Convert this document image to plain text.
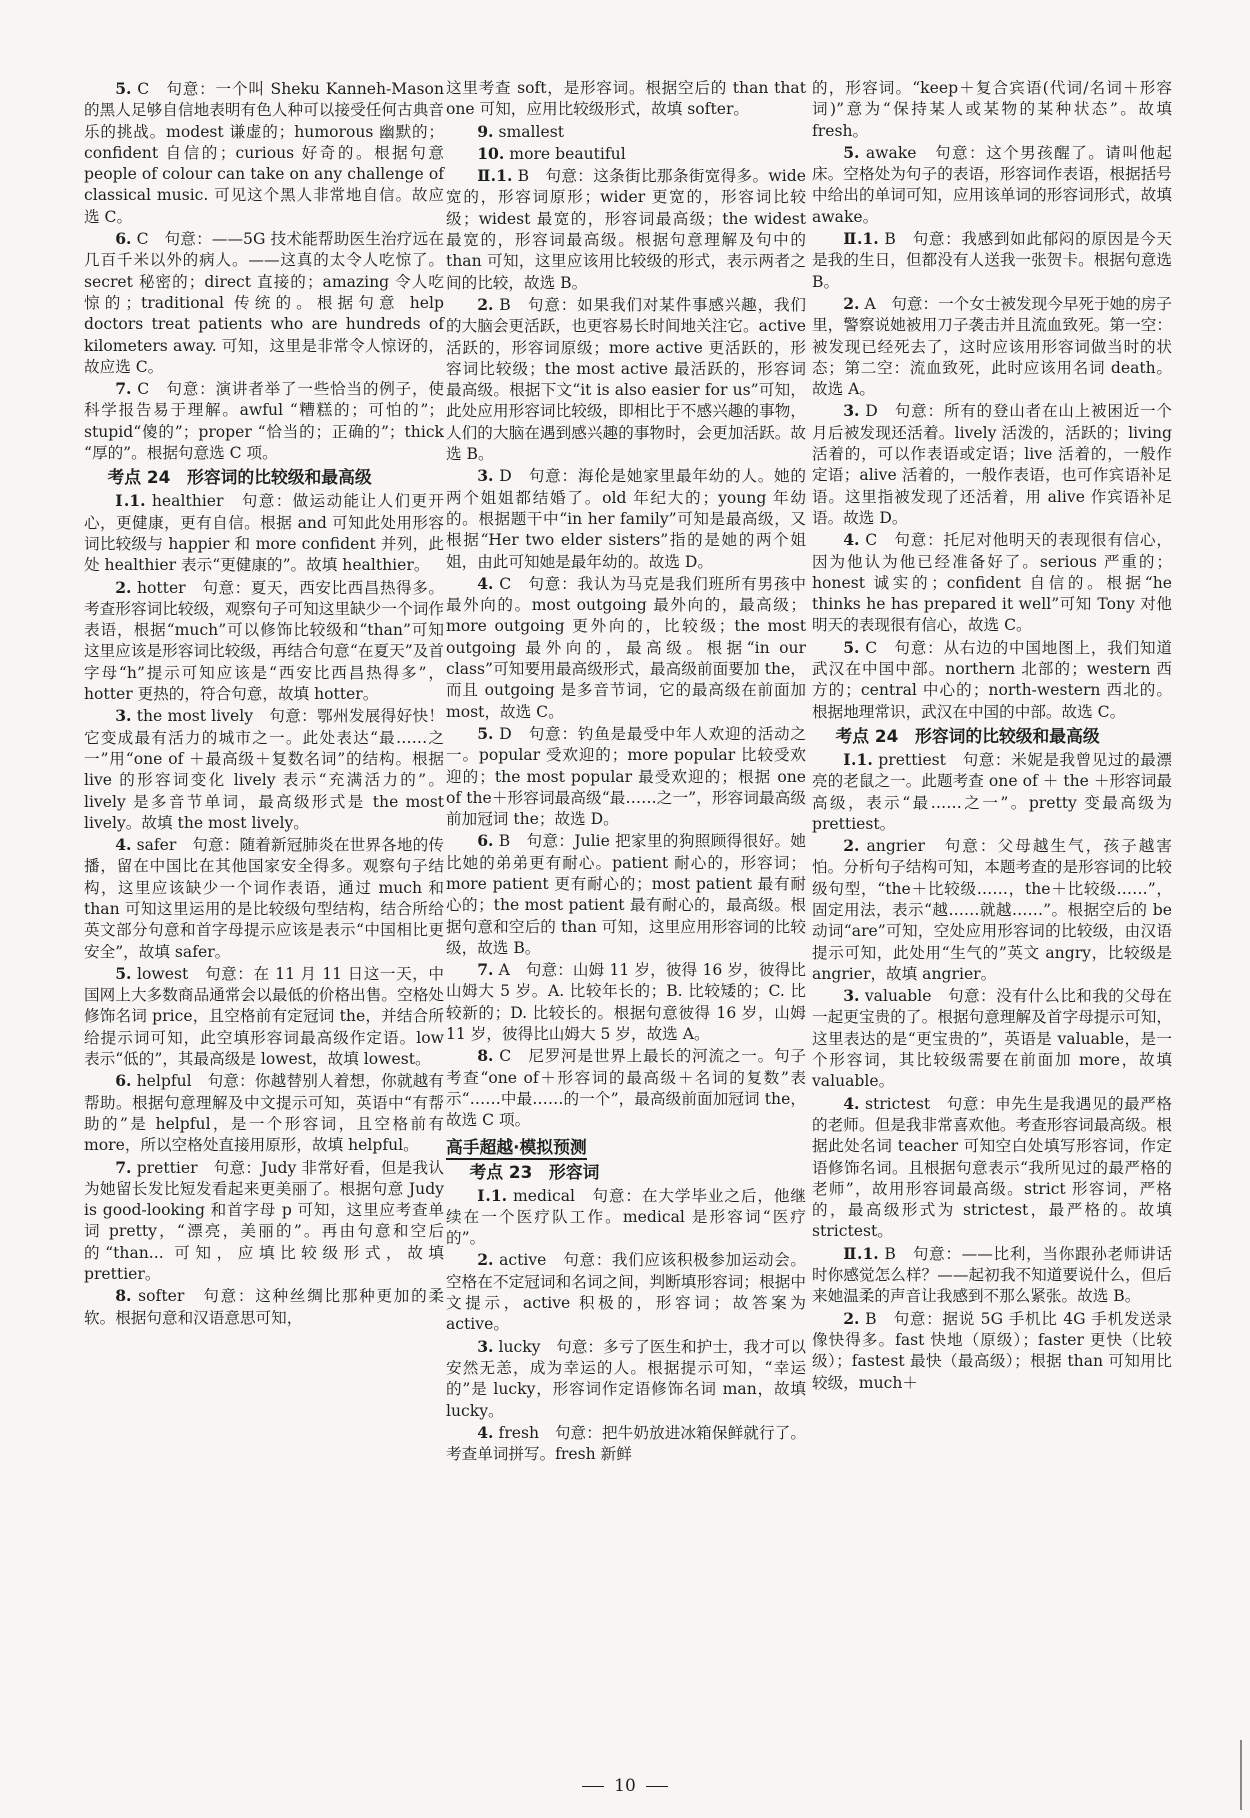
5. C　句意：一个叫 Sheku Kanneh-Mason 的黑人足够自信地表明有色人种可以接受任何古典音乐的挑战。modest 谦虚的；humorous 幽默的；confident 自信的；curious 好奇的。根据句意 people of colour can take on any challenge of classical music. 可见这个黑人非常地自信。故应选 C。

6. C　句意：——5G 技术能帮助医生治疗远在几百千米以外的病人。——这真的太令人吃惊了。secret 秘密的；direct 直接的；amazing 令人吃惊的；traditional 传统的。根据句意 help doctors treat patients who are hundreds of kilometers away. 可知，这里是非常令人惊讶的，故应选 C。

7. C　句意：演讲者举了一些恰当的例子，使科学报告易于理解。awful “糟糕的；可怕的”；stupid“傻的”；proper “恰当的；正确的”；thick “厚的”。根据句意选 C 项。

考点 24　形容词的比较级和最高级

Ⅰ.1. healthier　句意：做运动能让人们更开心，更健康，更有自信。根据 and 可知此处用形容词比较级与 happier 和 more confident 并列，此处 healthier 表示“更健康的”。故填 healthier。

2. hotter　句意：夏天，西安比西昌热得多。考查形容词比较级，观察句子可知这里缺少一个词作表语，根据“much”可以修饰比较级和“than”可知这里应该是形容词比较级，再结合句意“在夏天”及首字母“h”提示可知应该是“西安比西昌热得多”，hotter 更热的，符合句意，故填 hotter。

3. the most lively　句意：鄂州发展得好快！它变成最有活力的城市之一。此处表达“最……之一”用“one of ＋最高级＋复数名词”的结构。根据 live 的形容词变化 lively 表示“充满活力的”。lively 是多音节单词，最高级形式是 the most lively。故填 the most lively。

4. safer　句意：随着新冠肺炎在世界各地的传播，留在中国比在其他国家安全得多。观察句子结构，这里应该缺少一个词作表语，通过 much 和 than 可知这里运用的是比较级句型结构，结合所给英文部分句意和首字母提示应该是表示“中国相比更安全”，故填 safer。

5. lowest　句意：在 11 月 11 日这一天，中国网上大多数商品通常会以最低的价格出售。空格处修饰名词 price，且空格前有定冠词 the，并结合所给提示词可知，此空填形容词最高级作定语。low 表示“低的”，其最高级是 lowest，故填 lowest。

6. helpful　句意：你越替别人着想，你就越有帮助。根据句意理解及中文提示可知，英语中“有帮助的”是 helpful，是一个形容词，且空格前有 more，所以空格处直接用原形，故填 helpful。

7. prettier　句意：Judy 非常好看，但是我认为她留长发比短发看起来更美丽了。根据句意 Judy is good-looking 和首字母 p 可知，这里应考查单词 pretty，“漂亮，美丽的”。再由句意和空后的“than... 可知，应填比较级形式，故填 prettier。

8. softer　句意：这种丝绸比那种更加的柔软。根据句意和汉语意思可知，

这里考查 soft，是形容词。根据空后的 than that one 可知，应用比较级形式，故填 softer。

9. smallest

10. more beautiful

Ⅱ.1. B　句意：这条街比那条街宽得多。wide 宽的，形容词原形；wider 更宽的，形容词比较级；widest 最宽的，形容词最高级；the widest 最宽的，形容词最高级。根据句意理解及句中的 than 可知，这里应该用比较级的形式，表示两者之间的比较，故选 B。

2. B　句意：如果我们对某件事感兴趣，我们的大脑会更活跃，也更容易长时间地关注它。active 活跃的，形容词原级；more active 更活跃的，形容词比较级；the most active 最活跃的，形容词最高级。根据下文“it is also easier for us”可知，此处应用形容词比较级，即相比于不感兴趣的事物，人们的大脑在遇到感兴趣的事物时，会更加活跃。故选 B。

3. D　句意：海伦是她家里最年幼的人。她的两个姐姐都结婚了。old 年纪大的；young 年幼的。根据题干中“in her family”可知是最高级，又根据“Her two elder sisters”指的是她的两个姐姐，由此可知她是最年幼的。故选 D。

4. C　句意：我认为马克是我们班所有男孩中最外向的。most outgoing 最外向的，最高级；more outgoing 更外向的，比较级；the most outgoing 最外向的，最高级。根据“in our class”可知要用最高级形式，最高级前面要加 the，而且 outgoing 是多音节词，它的最高级在前面加 most，故选 C。

5. D　句意：钓鱼是最受中年人欢迎的活动之一。popular 受欢迎的；more popular 比较受欢迎的；the most popular 最受欢迎的；根据 one of the＋形容词最高级“最……之一”，形容词最高级前加冠词 the；故选 D。

6. B　句意：Julie 把家里的狗照顾得很好。她比她的弟弟更有耐心。patient 耐心的，形容词；more patient 更有耐心的；most patient 最有耐心的；the most patient 最有耐心的，最高级。根据句意和空后的 than 可知，这里应用形容词的比较级，故选 B。

7. A　句意：山姆 11 岁，彼得 16 岁，彼得比山姆大 5 岁。A. 比较年长的；B. 比较矮的；C. 比较新的；D. 比较长的。根据句意彼得 16 岁，山姆 11 岁，彼得比山姆大 5 岁，故选 A。

8. C　尼罗河是世界上最长的河流之一。句子考查“one of＋形容词的最高级＋名词的复数”表示“……中最……的一个”，最高级前面加冠词 the，故选 C 项。

高手超越·模拟预测
考点 23　形容词

Ⅰ.1. medical　句意：在大学毕业之后，他继续在一个医疗队工作。medical 是形容词“医疗的”。

2. active　句意：我们应该积极参加运动会。空格在不定冠词和名词之间，判断填形容词；根据中文提示，active 积极的，形容词；故答案为 active。

3. lucky　句意：多亏了医生和护士，我才可以安然无恙，成为幸运的人。根据提示可知，“幸运的”是 lucky，形容词作定语修饰名词 man，故填 lucky。

4. fresh　句意：把牛奶放进冰箱保鲜就行了。考查单词拼写。fresh 新鲜

的，形容词。“keep＋复合宾语(代词/名词＋形容词)”意为“保持某人或某物的某种状态”。故填 fresh。

5. awake　句意：这个男孩醒了。请叫他起床。空格处为句子的表语，形容词作表语，根据括号中给出的单词可知，应用该单词的形容词形式，故填 awake。

Ⅱ.1. B　句意：我感到如此郁闷的原因是今天是我的生日，但都没有人送我一张贺卡。根据句意选 B。

2. A　句意：一个女士被发现今早死于她的房子里，警察说她被用刀子袭击并且流血致死。第一空：被发现已经死去了，这时应该用形容词做当时的状态；第二空：流血致死，此时应该用名词 death。故选 A。

3. D　句意：所有的登山者在山上被困近一个月后被发现还活着。lively 活泼的，活跃的；living 活着的，可以作表语或定语；live 活着的，一般作定语；alive 活着的，一般作表语，也可作宾语补足语。这里指被发现了还活着，用 alive 作宾语补足语。故选 D。

4. C　句意：托尼对他明天的表现很有信心，因为他认为他已经准备好了。serious 严重的；honest 诚实的；confident 自信的。根据“he thinks he has prepared it well”可知 Tony 对他明天的表现很有信心，故选 C。

5. C　句意：从右边的中国地图上，我们知道武汉在中国中部。northern 北部的；western 西方的；central 中心的；north-western 西北的。根据地理常识，武汉在中国的中部。故选 C。

考点 24　形容词的比较级和最高级

Ⅰ.1. prettiest　句意：米妮是我曾见过的最漂亮的老鼠之一。此题考查 one of ＋ the ＋形容词最高级，表示“最……之一”。pretty 变最高级为 prettiest。

2. angrier　句意：父母越生气，孩子越害怕。分析句子结构可知，本题考查的是形容词的比较级句型，“the＋比较级……，the＋比较级……”，固定用法，表示“越……就越……”。根据空后的 be 动词“are”可知，空处应用形容词的比较级，由汉语提示可知，此处用“生气的”英文 angry，比较级是 angrier，故填 angrier。

3. valuable　句意：没有什么比和我的父母在一起更宝贵的了。根据句意理解及首字母提示可知，这里表达的是“更宝贵的”，英语是 valuable，是一个形容词，其比较级需要在前面加 more，故填 valuable。

4. strictest　句意：申先生是我遇见的最严格的老师。但是我非常喜欢他。考查形容词最高级。根据此处名词 teacher 可知空白处填写形容词，作定语修饰名词。且根据句意表示“我所见过的最严格的老师”，故用形容词最高级。strict 形容词，严格的，最高级形式为 strictest，最严格的。故填 strictest。

Ⅱ.1. B　句意：——比利，当你跟孙老师讲话时你感觉怎么样？——起初我不知道要说什么，但后来她温柔的声音让我感到不那么紧张。故选 B。

2. B　句意：据说 5G 手机比 4G 手机发送录像快得多。fast 快地（原级）；faster 更快（比较级）；fastest 最快（最高级）；根据 than 可知用比较级，much＋

10
